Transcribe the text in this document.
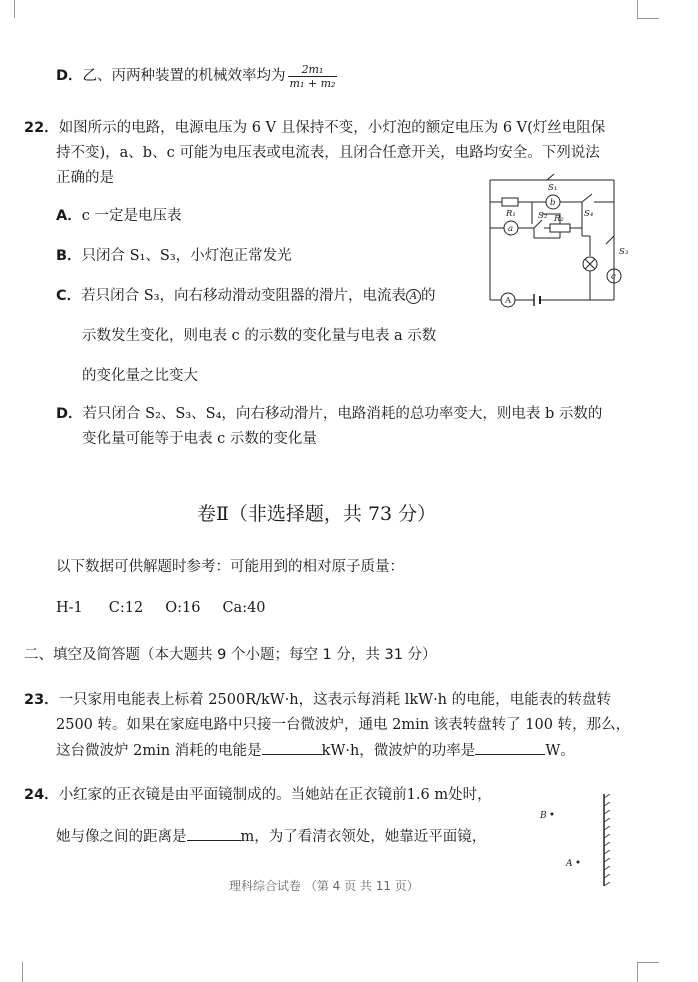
D．乙、丙两种装置的机械效率均为 $\frac{\text{2m₁}}{\text{m₁ + m₂}}$
22．如图所示的电路，电源电压为 6 V 且保持不变，小灯泡的额定电压为 6 V(灯丝电阻保
持不变)，a、b、c 可能为电压表或电流表，且闭合任意开关，电路均安全。下列说法
正确的是
A．c 一定是电压表
B．只闭合 S₁、S₃，小灯泡正常发光
C．若只闭合 S₃，向右移动滑动变阻器的滑片，电流表 A 的
示数发生变化，则电表 c 的示数的变化量与电表 a 示数
的变化量之比变大
D．若只闭合 S₂、S₃、S₄，向右移动滑片，电路消耗的总功率变大，则电表 b 示数的
变化量可能等于电表 c 示数的变化量
S₁
R₁	S₂ R₂ S₄
S₃
a
b
c
A
卷Ⅱ（非选择题，共 73 分）
以下数据可供解题时参考：可能用到的相对原子质量：
H-1 C:12 O:16 Ca:40
二、填空及简答题（本大题共 9 个小题；每空 1 分，共 31 分）
23．一只家用电能表上标着 2500R/kW·h，这表示每消耗 lkW·h 的电能，电能表的转盘转
2500 转。如果在家庭电路中只接一台微波炉，通电 2min 该表转盘转了 100 转，那么，
这台微波炉 2min 消耗的电能是	kW·h，微波炉的功率是	W。
24．小红家的正衣镜是由平面镜制成的。当她站在正衣镜前1.6 m处时，
她与像之间的距离是	m，为了看清衣领处，她靠近平面镜，
B
A
理科综合试卷 （第 4 页 共 11 页）
